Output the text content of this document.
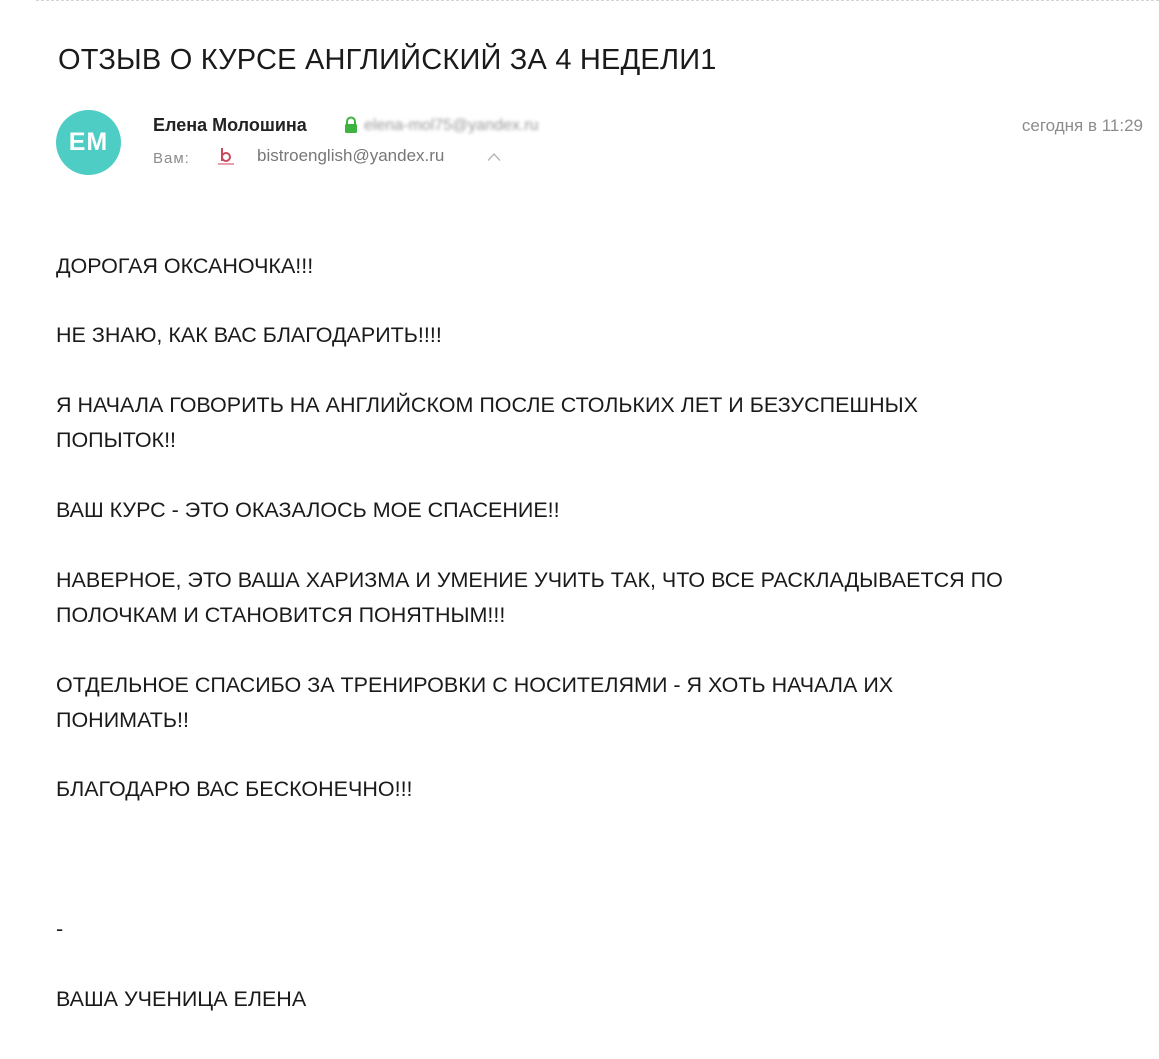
ОТЗЫВ О КУРСЕ АНГЛИЙСКИЙ ЗА 4 НЕДЕЛИ1
EM
Елена Молошина	elena-mol75@yandex.ru	сегодня в 11:29
Вам:	bistroenglish@yandex.ru
ДОРОГАЯ ОКСАНОЧКА!!!
НЕ ЗНАЮ, КАК ВАС БЛАГОДАРИТЬ!!!!
Я НАЧАЛА ГОВОРИТЬ НА АНГЛИЙСКОМ ПОСЛЕ СТОЛЬКИХ ЛЕТ И БЕЗУСПЕШНЫХ
ПОПЫТОК!!
ВАШ КУРС - ЭТО ОКАЗАЛОСЬ МОЕ СПАСЕНИЕ!!
НАВЕРНОЕ, ЭТО ВАША ХАРИЗМА И УМЕНИЕ УЧИТЬ ТАК, ЧТО ВСЕ РАСКЛАДЫВАЕТСЯ ПО
ПОЛОЧКАМ И СТАНОВИТСЯ ПОНЯТНЫМ!!!
ОТДЕЛЬНОЕ СПАСИБО ЗА ТРЕНИРОВКИ С НОСИТЕЛЯМИ - Я ХОТЬ НАЧАЛА ИХ
ПОНИМАТЬ!!
БЛАГОДАРЮ ВАС БЕСКОНЕЧНО!!!
-
ВАША УЧЕНИЦА ЕЛЕНА
